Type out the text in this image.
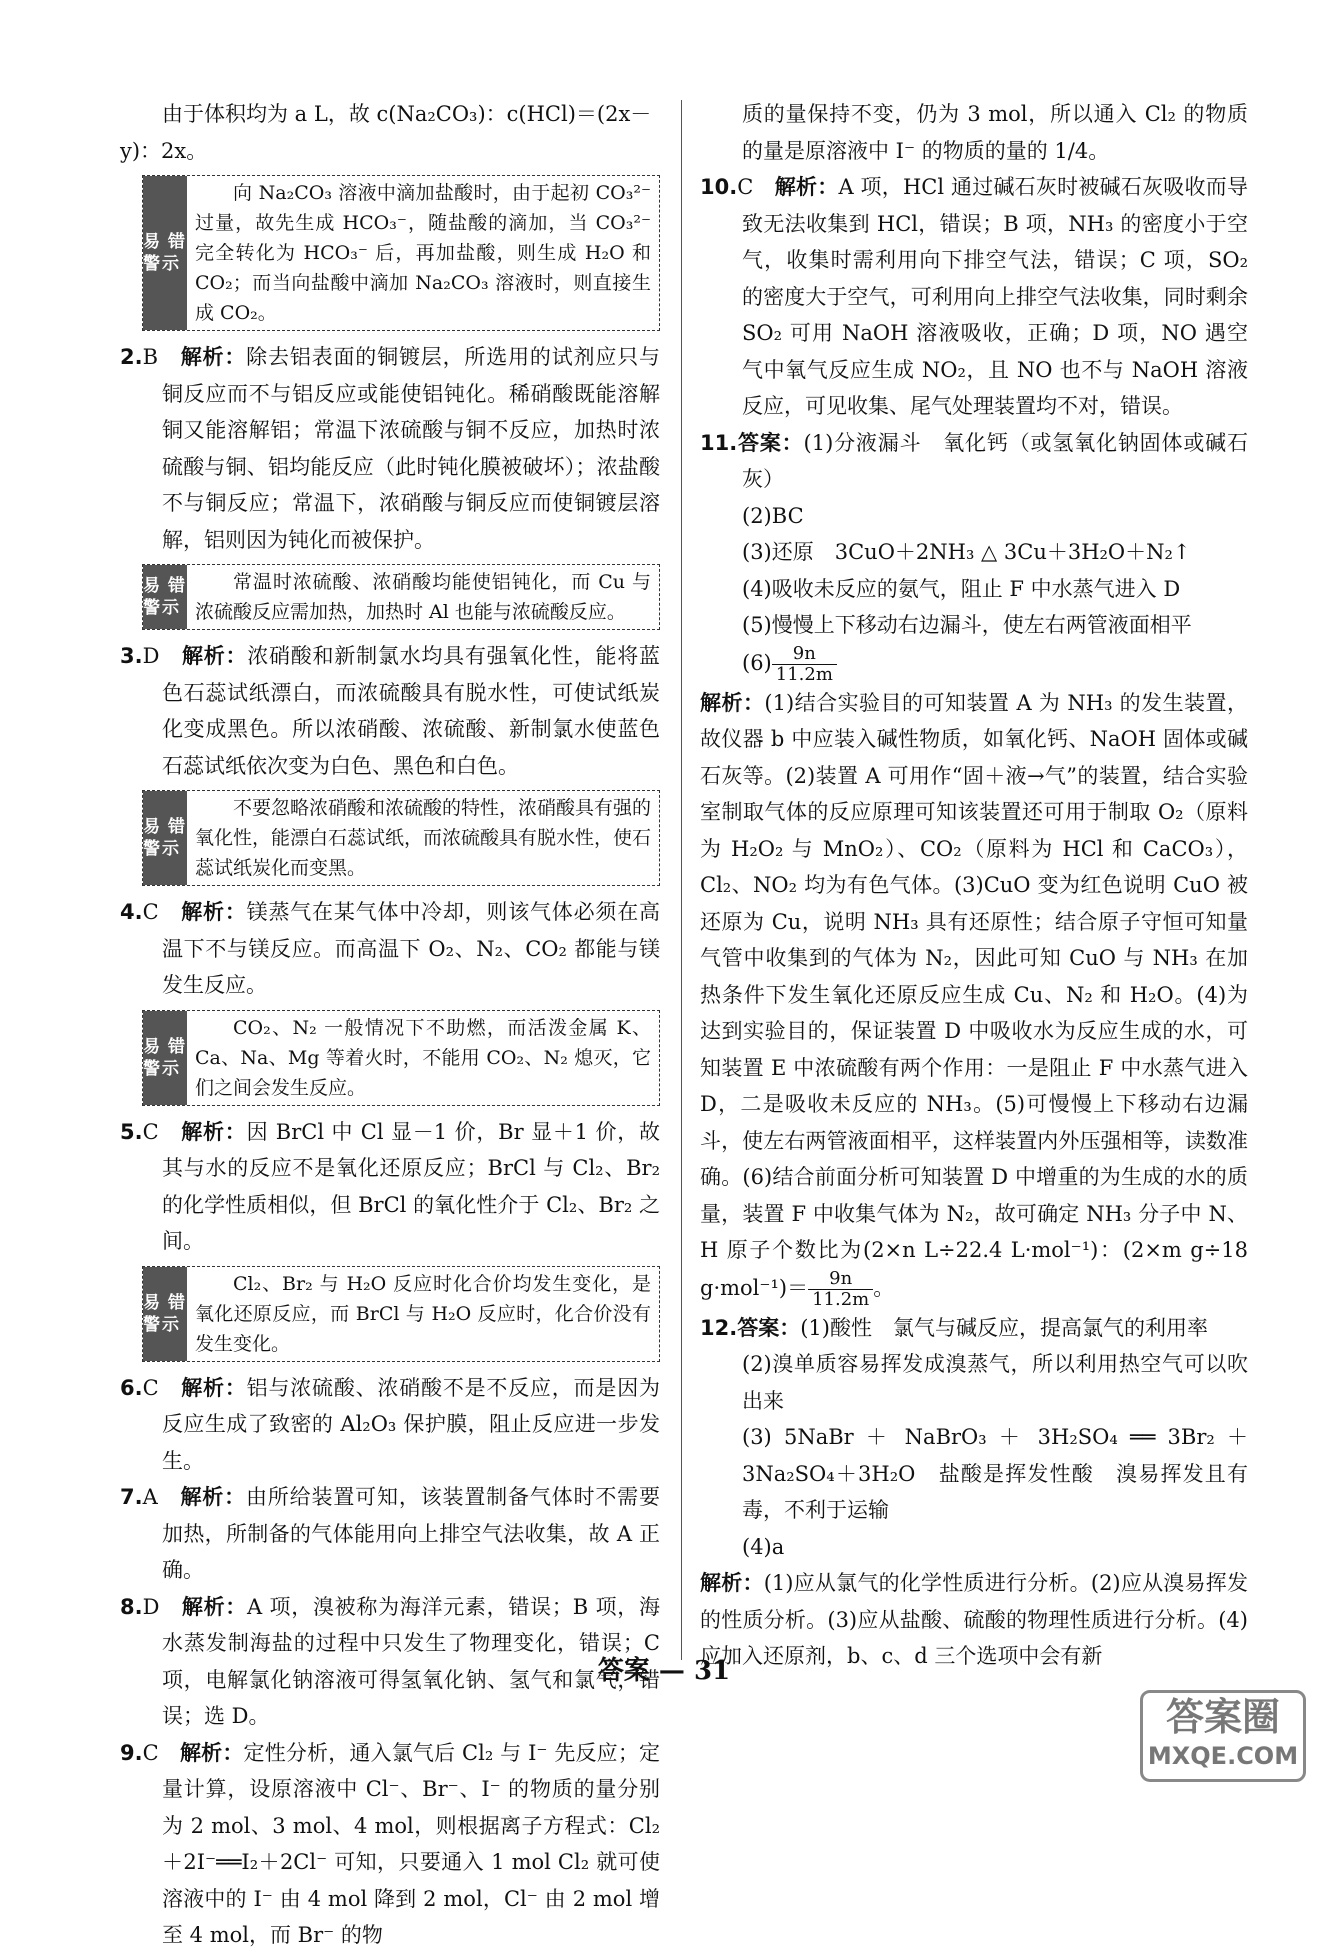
由于体积均为 a L，故 c(Na₂CO₃)：c(HCl)＝(2x－

y)：2x。

易错警示
向 Na₂CO₃ 溶液中滴加盐酸时，由于起初 CO₃²⁻ 过量，故先生成 HCO₃⁻，随盐酸的滴加，当 CO₃²⁻ 完全转化为 HCO₃⁻ 后，再加盐酸，则生成 H₂O 和 CO₂；而当向盐酸中滴加 Na₂CO₃ 溶液时，则直接生成 CO₂。

2.B　 解析：除去铝表面的铜镀层，所选用的试剂应只与铜反应而不与铝反应或能使铝钝化。稀硝酸既能溶解铜又能溶解铝；常温下浓硫酸与铜不反应，加热时浓硫酸与铜、铝均能反应（此时钝化膜被破坏）；浓盐酸不与铜反应；常温下，浓硝酸与铜反应而使铜镀层溶解，铝则因为钝化而被保护。

易错警示
常温时浓硫酸、浓硝酸均能使铝钝化，而 Cu 与浓硫酸反应需加热，加热时 Al 也能与浓硫酸反应。

3.D　 解析：浓硝酸和新制氯水均具有强氧化性，能将蓝色石蕊试纸漂白，而浓硫酸具有脱水性，可使试纸炭化变成黑色。所以浓硝酸、浓硫酸、新制氯水使蓝色石蕊试纸依次变为白色、黑色和白色。

易错警示
不要忽略浓硝酸和浓硫酸的特性，浓硝酸具有强的氧化性，能漂白石蕊试纸，而浓硫酸具有脱水性，使石蕊试纸炭化而变黑。

4.C　 解析：镁蒸气在某气体中冷却，则该气体必须在高温下不与镁反应。而高温下 O₂、N₂、CO₂ 都能与镁发生反应。

易错警示
CO₂、N₂ 一般情况下不助燃，而活泼金属 K、Ca、Na、Mg 等着火时，不能用 CO₂、N₂ 熄灭，它们之间会发生反应。

5.C　 解析：因 BrCl 中 Cl 显－1 价，Br 显＋1 价，故其与水的反应不是氧化还原反应；BrCl 与 Cl₂、Br₂ 的化学性质相似，但 BrCl 的氧化性介于 Cl₂、Br₂ 之间。

易错警示
Cl₂、Br₂ 与 H₂O 反应时化合价均发生变化，是氧化还原反应，而 BrCl 与 H₂O 反应时，化合价没有发生变化。

6.C　 解析：铝与浓硫酸、浓硝酸不是不反应，而是因为反应生成了致密的 Al₂O₃ 保护膜，阻止反应进一步发生。

7.A　 解析：由所给装置可知，该装置制备气体时不需要加热，所制备的气体能用向上排空气法收集，故 A 正确。

8.D　 解析：A 项，溴被称为海洋元素，错误；B 项，海水蒸发制海盐的过程中只发生了物理变化，错误；C 项，电解氯化钠溶液可得氢氧化钠、氢气和氯气，错误；选 D。

9.C　 解析：定性分析，通入氯气后 Cl₂ 与 I⁻ 先反应；定量计算，设原溶液中 Cl⁻、Br⁻、I⁻ 的物质的量分别为 2 mol、3 mol、4 mol，则根据离子方程式：Cl₂＋2I⁻══I₂＋2Cl⁻ 可知，只要通入 1 mol Cl₂ 就可使溶液中的 I⁻ 由 4 mol 降到 2 mol，Cl⁻ 由 2 mol 增至 4 mol，而 Br⁻ 的物

质的量保持不变，仍为 3 mol，所以通入 Cl₂ 的物质的量是原溶液中 I⁻ 的物质的量的 1/4。

10.C　 解析：A 项，HCl 通过碱石灰时被碱石灰吸收而导致无法收集到 HCl，错误；B 项，NH₃ 的密度小于空气，收集时需利用向下排空气法，错误；C 项，SO₂ 的密度大于空气，可利用向上排空气法收集，同时剩余 SO₂ 可用 NaOH 溶液吸收，正确；D 项，NO 遇空气中氧气反应生成 NO₂，且 NO 也不与 NaOH 溶液反应，可见收集、尾气处理装置均不对，错误。

11.答案：(1)分液漏斗　氧化钙（或氢氧化钠固体或碱石灰）

(2)BC

(3)还原　3CuO＋2NH₃ △ 3Cu＋3H₂O＋N₂↑

(4)吸收未反应的氨气，阻止 F 中水蒸气进入 D

(5)慢慢上下移动右边漏斗，使左右两管液面相平

$(6) \frac{9n}{11.2m}$

解析：(1)结合实验目的可知装置 A 为 NH₃ 的发生装置，故仪器 b 中应装入碱性物质，如氧化钙、NaOH 固体或碱石灰等。(2)装置 A 可用作“固＋液→气”的装置，结合实验室制取气体的反应原理可知该装置还可用于制取 O₂（原料为 H₂O₂ 与 MnO₂）、CO₂（原料为 HCl 和 CaCO₃），Cl₂、NO₂ 均为有色气体。(3)CuO 变为红色说明 CuO 被还原为 Cu，说明 NH₃ 具有还原性；结合原子守恒可知量气管中收集到的气体为 N₂，因此可知 CuO 与 NH₃ 在加热条件下发生氧化还原反应生成 Cu、N₂ 和 H₂O。(4)为达到实验目的，保证装置 D 中吸收水为反应生成的水，可知装置 E 中浓硫酸有两个作用：一是阻止 F 中水蒸气进入 D，二是吸收未反应的 NH₃。(5)可慢慢上下移动右边漏斗，使左右两管液面相平，这样装置内外压强相等，读数准确。(6)结合前面分析可知装置 D 中增重的为生成的水的质量，装置 F 中收集气体为 N₂，故可确定 NH₃ 分子中 N、H 原子个数比为(2×n L÷22.4 L·mol⁻¹)：(2×m g÷18 $g\cdot mol^{-1})= \frac{9n}{11.2m}$ 。

12.答案：(1)酸性　氯气与碱反应，提高氯气的利用率

(2)溴单质容易挥发成溴蒸气，所以利用热空气可以吹出来

(3) 5NaBr ＋ NaBrO₃ ＋ 3H₂SO₄ ══ 3Br₂ ＋ 3Na₂SO₄＋3H₂O　盐酸是挥发性酸　溴易挥发且有毒，不利于运输

(4)a

解析：(1)应从氯气的化学性质进行分析。(2)应从溴易挥发的性质分析。(3)应从盐酸、硫酸的物理性质进行分析。(4)应加入还原剂，b、c、d 三个选项中会有新

答案 — 31
答案圈
MXQE.COM
